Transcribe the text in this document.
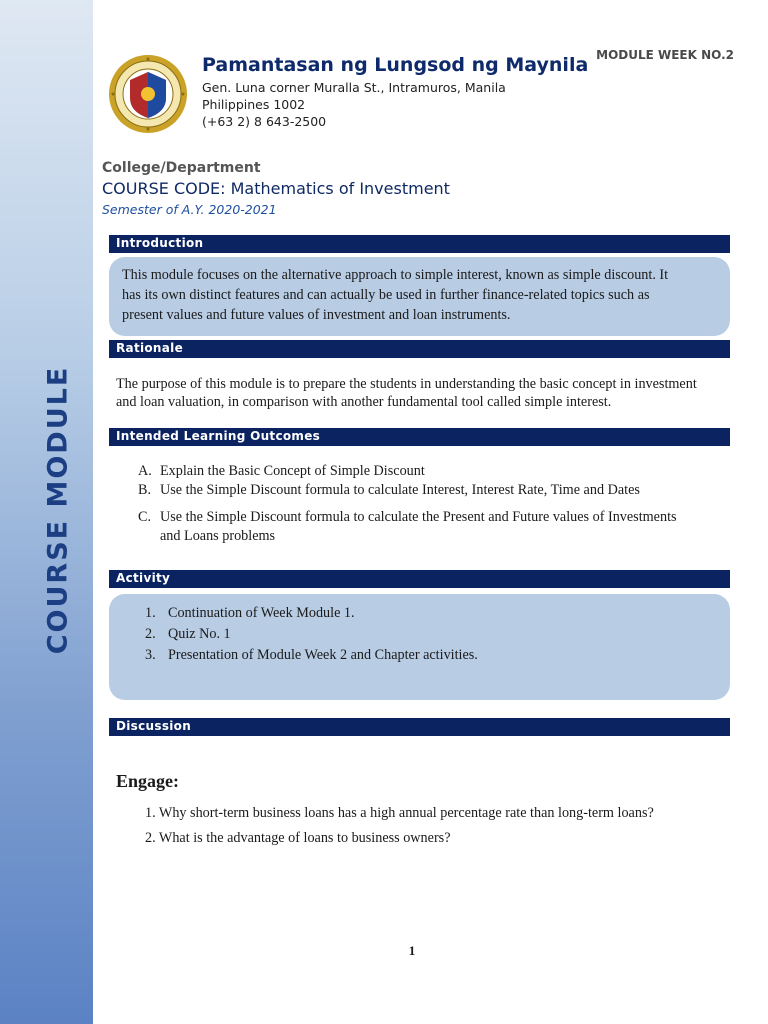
COURSE MODULE
Pamantasan ng Lungsod ng Maynila
Gen. Luna corner Muralla St., Intramuros, Manila
Philippines 1002
(+63 2) 8 643-2500
MODULE WEEK NO.2
College/Department
COURSE CODE: Mathematics of Investment
Semester of A.Y. 2020-2021
Introduction
This module focuses on the alternative approach to simple interest, known as simple discount. It
has its own distinct features and can actually be used in further finance-related topics such as
present values and future values of investment and loan instruments.
Rationale
The purpose of this module is to prepare the students in understanding the basic concept in investment
and loan valuation, in comparison with another fundamental tool called simple interest.
Intended Learning Outcomes
A. Explain the Basic Concept of Simple Discount
B. Use the Simple Discount formula to calculate Interest, Interest Rate, Time and Dates
C. Use the Simple Discount formula to calculate the Present and Future values of Investments
and Loans problems
Activity
1. Continuation of Week Module 1.
2. Quiz No. 1
3. Presentation of Module Week 2 and Chapter activities.
Discussion
Engage:
1. Why short-term business loans has a high annual percentage rate than long-term loans?
2. What is the advantage of loans to business owners?
1
